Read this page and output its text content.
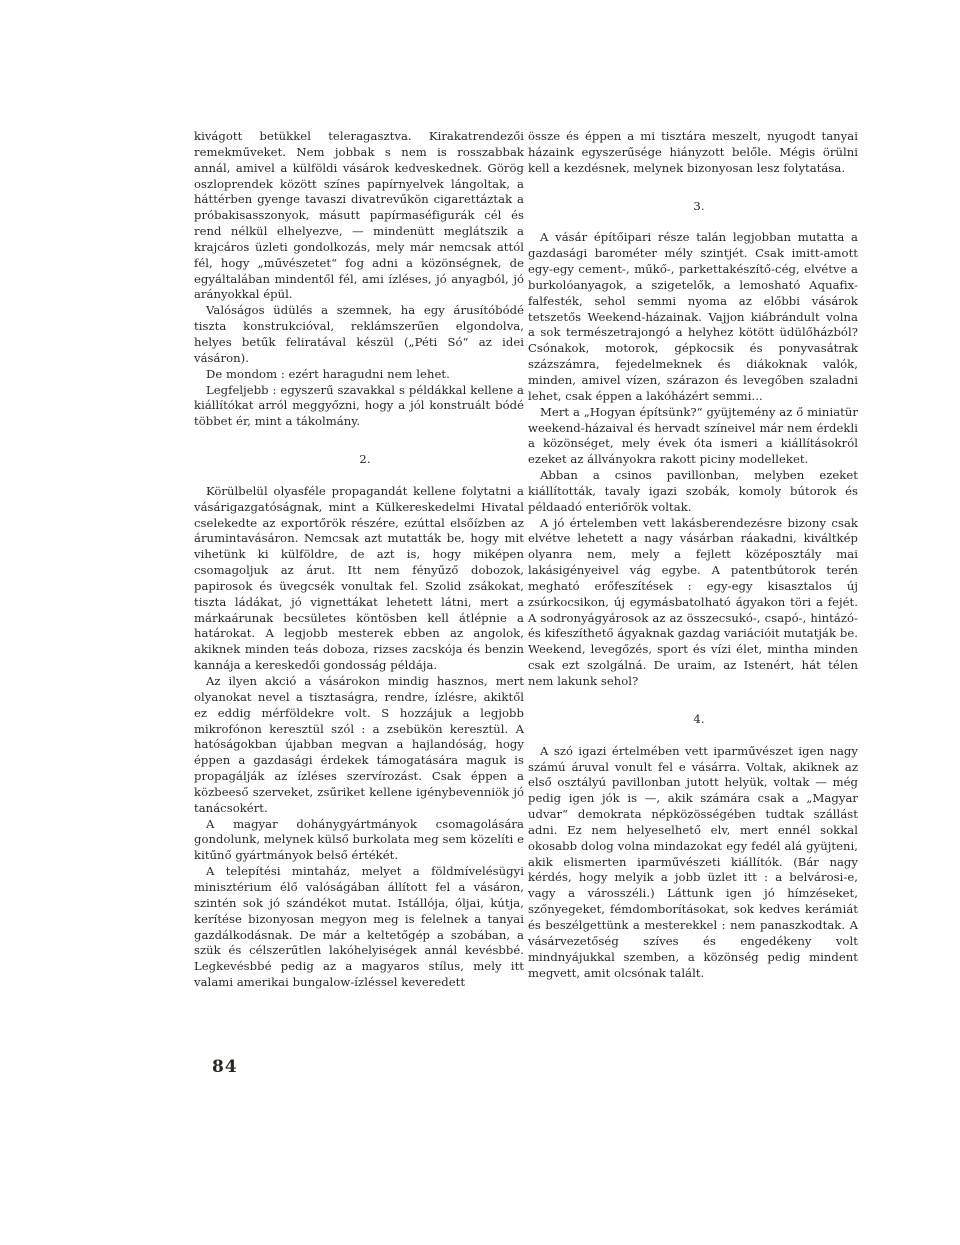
kivágott betükkel teleragasztva. Kirakatrendezői remekműveket. Nem jobbak s nem is rosszabbak annál, amivel a külföldi vásárok kedveskednek. Görög oszloprendek között színes papírnyelvek lángoltak, a háttérben gyenge tavaszi divatrevűkön cigarettáztak a próbakisasszonyok, másutt papírmaséfigurák cél és rend nélkül elhelyezve, — mindenütt meglátszik a krajcáros üzleti gondolkozás, mely már nemcsak attól fél, hogy „művészetet“ fog adni a közönségnek, de egyáltalában mindentől fél, ami ízléses, jó anyagból, jó arányokkal épül.

Valóságos üdülés a szemnek, ha egy árusítóbódé tiszta konstrukcióval, reklámszerűen elgondolva, helyes betűk feliratával készül („Péti Só“ az idei vásáron).

De mondom : ezért haragudni nem lehet.

Legfeljebb : egyszerű szavakkal s példákkal kellene a kiállítókat arról meggyőzni, hogy a jól konstruált bódé többet ér, mint a tákolmány.

2.

Körülbelül olyasféle propagandát kellene folytatni a vásárigazgatóságnak, mint a Külkereskedelmi Hivatal cselekedte az exportőrök részére, ezúttal elsőízben az árumintavásáron. Nemcsak azt mutatták be, hogy mit vihetünk ki külföldre, de azt is, hogy miképen csomagoljuk az árut. Itt nem fényűző dobozok, papirosok és üvegcsék vonultak fel. Szolid zsákokat, tiszta ládákat, jó vignettákat lehetett látni, mert a márkaárunak becsületes köntösben kell átlépnie a határokat. A legjobb mesterek ebben az angolok, akiknek minden teás doboza, rizses zacskója és benzin kannája a kereskedői gondosság példája.

Az ilyen akció a vásárokon mindig hasznos, mert olyanokat nevel a tisztaságra, rendre, ízlésre, akiktől ez eddig mérföldekre volt. S hozzájuk a legjobb mikrofónon keresztül szól : a zsebükön keresztül. A hatóságokban újabban megvan a hajlandóság, hogy éppen a gazdasági érdekek támogatására maguk is propagálják az ízléses szervírozást. Csak éppen a közbeeső szerveket, zsűriket kellene igénybevenniök jó tanácsokért.

A magyar dohánygyártmányok csomagolására gondolunk, melynek külső burkolata meg sem közelíti e kitűnő gyártmányok belső értékét.

A telepítési mintaház, melyet a földmívelésügyi minisztérium élő valóságában állított fel a vásáron, szintén sok jó szándékot mutat. Istállója, óljai, kútja, kerítése bizonyosan megyon meg is felelnek a tanyai gazdálkodásnak. De már a keltetőgép a szobában, a szük és célszerűtlen lakóhelyiségek annál kevésbbé. Legkevésbbé pedig az a magyaros stílus, mely itt valami amerikai bungalow-ízléssel keveredett

össze és éppen a mi tisztára meszelt, nyugodt tanyai házaink egyszerűsége hiányzott belőle. Mégis örülni kell a kezdésnek, melynek bizonyosan lesz folytatása.

3.

A vásár építőipari része talán legjobban mutatta a gazdasági barométer mély szintjét. Csak imitt-amott egy-egy cement-, műkő-, parkettakészítő-cég, elvétve a burkolóanyagok, a szigetelők, a lemosható Aquafix-falfesték, sehol semmi nyoma az előbbi vásárok tetszetős Weekend-házainak. Vajjon kiábrándult volna a sok természetrajongó a helyhez kötött üdülőházból? Csónakok, motorok, gépkocsik és ponyvasátrak százszámra, fejedelmeknek és diákoknak valók, minden, amivel vízen, szárazon és levegőben szaladni lehet, csak éppen a lakóházért semmi...

Mert a „Hogyan építsünk?“ gyüjtemény az ő miniatür weekend-házaival és hervadt színeivel már nem érdekli a közönséget, mely évek óta ismeri a kiállításokról ezeket az állványokra rakott piciny modelleket.

Abban a csinos pavillonban, melyben ezeket kiállították, tavaly igazi szobák, komoly bútorok és példaadó enteriőrök voltak.

A jó értelemben vett lakásberendezésre bizony csak elvétve lehetett a nagy vásárban ráakadni, kiváltkép olyanra nem, mely a fejlett középosztály mai lakásigényeivel vág egybe. A patentbútorok terén megható erőfeszítések : egy-egy kisasztalos új zsúrkocsikon, új egymásbatolható ágyakon töri a fejét. A sodronyágyárosok az az összecsukó-, csapó-, hintázó- és kifeszíthető ágyaknak gazdag variációit mutatják be. Weekend, levegőzés, sport és vízi élet, mintha minden csak ezt szolgálná. De uraim, az Istenért, hát télen nem lakunk sehol?

4.

A szó igazi értelmében vett iparművészet igen nagy számú áruval vonult fel e vásárra. Voltak, akiknek az első osztályú pavillonban jutott helyük, voltak — még pedig igen jók is —, akik számára csak a „Magyar udvar“ demokrata népközösségében tudtak szállást adni. Ez nem helyeselhető elv, mert ennél sokkal okosabb dolog volna mindazokat egy fedél alá gyüjteni, akik elismerten iparművészeti kiállítók. (Bár nagy kérdés, hogy melyik a jobb üzlet itt : a belvárosi-e, vagy a városszéli.) Láttunk igen jó hímzéseket, szőnyegeket, fémdomborításokat, sok kedves kerámiát és beszélgettünk a mesterekkel : nem panaszkodtak. A vásárvezetőség szíves és engedékeny volt mindnyájukkal szemben, a közönség pedig mindent megvett, amit olcsónak talált.

84
